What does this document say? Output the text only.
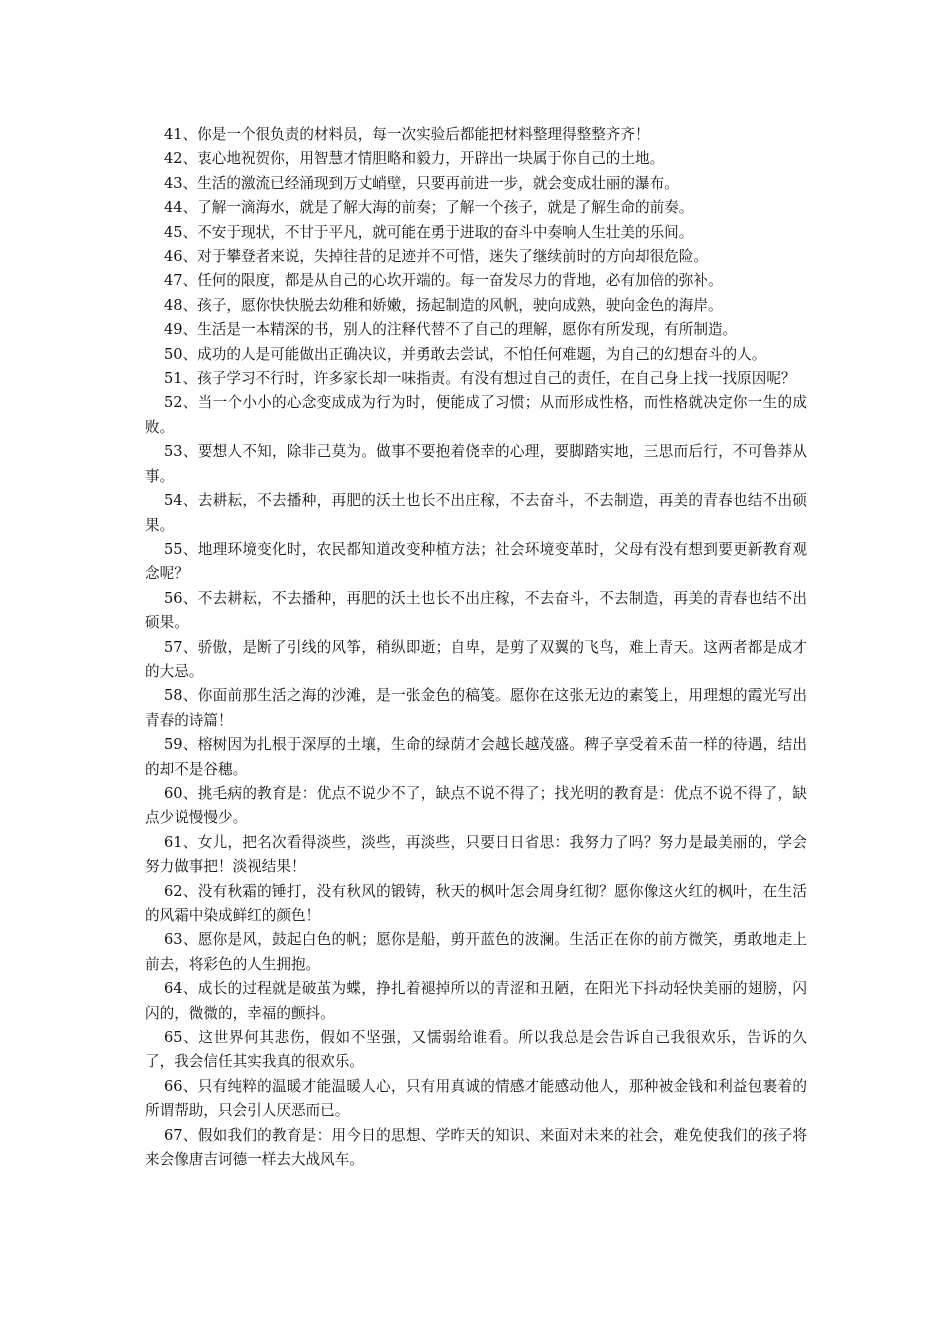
41、你是一个很负责的材料员，每一次实验后都能把材料整理得整整齐齐！

42、衷心地祝贺你，用智慧才情胆略和毅力，开辟出一块属于你自己的土地。

43、生活的激流已经涌现到万丈峭壁，只要再前进一步，就会变成壮丽的瀑布。

44、了解一滴海水，就是了解大海的前奏；了解一个孩子，就是了解生命的前奏。

45、不安于现状，不甘于平凡，就可能在勇于进取的奋斗中奏响人生壮美的乐间。

46、对于攀登者来说，失掉往昔的足迹并不可惜，迷失了继续前时的方向却很危险。

47、任何的限度，都是从自己的心坎开端的。每一奋发尽力的背地，必有加倍的弥补。

48、孩子，愿你快快脱去幼稚和娇嫩，扬起制造的风帆，驶向成熟，驶向金色的海岸。

49、生活是一本精深的书，别人的注释代替不了自己的理解，愿你有所发现，有所制造。

50、成功的人是可能做出正确决议，并勇敢去尝试，不怕任何难题，为自己的幻想奋斗的人。

51、孩子学习不行时，许多家长却一味指责。有没有想过自己的责任，在自己身上找一找原因呢？

52、当一个小小的心念变成成为行为时，便能成了习惯；从而形成性格，而性格就决定你一生的成败。

53、要想人不知，除非己莫为。做事不要抱着侥幸的心理，要脚踏实地，三思而后行，不可鲁莽从事。

54、去耕耘，不去播种，再肥的沃土也长不出庄稼，不去奋斗，不去制造，再美的青春也结不出硕果。

55、地理环境变化时，农民都知道改变种植方法；社会环境变革时，父母有没有想到要更新教育观念呢？

56、不去耕耘，不去播种，再肥的沃土也长不出庄稼，不去奋斗，不去制造，再美的青春也结不出硕果。

57、骄傲，是断了引线的风筝，稍纵即逝；自卑，是剪了双翼的飞鸟，难上青天。这两者都是成才的大忌。

58、你面前那生活之海的沙滩，是一张金色的稿笺。愿你在这张无边的素笺上，用理想的霞光写出青春的诗篇！

59、榕树因为扎根于深厚的土壤，生命的绿荫才会越长越茂盛。稗子享受着禾苗一样的待遇，结出的却不是谷穗。

60、挑毛病的教育是：优点不说少不了，缺点不说不得了；找光明的教育是：优点不说不得了，缺点少说慢慢少。

61、女儿，把名次看得淡些，淡些，再淡些，只要日日省思：我努力了吗？努力是最美丽的，学会努力做事把！淡视结果！

62、没有秋霜的锤打，没有秋风的锻铸，秋天的枫叶怎会周身红彻？愿你像这火红的枫叶，在生活的风霜中染成鲜红的颜色！

63、愿你是风，鼓起白色的帆；愿你是船，剪开蓝色的波澜。生活正在你的前方微笑，勇敢地走上前去，将彩色的人生拥抱。

64、成长的过程就是破茧为蝶，挣扎着褪掉所以的青涩和丑陋，在阳光下抖动轻快美丽的翅膀，闪闪的，微微的，幸福的颤抖。

65、这世界何其悲伤，假如不坚强，又懦弱给谁看。所以我总是会告诉自己我很欢乐，告诉的久了，我会信任其实我真的很欢乐。

66、只有纯粹的温暖才能温暖人心，只有用真诚的情感才能感动他人，那种被金钱和利益包裹着的所谓帮助，只会引人厌恶而已。

67、假如我们的教育是：用今日的思想、学昨天的知识、来面对未来的社会，难免使我们的孩子将来会像唐吉诃德一样去大战风车。
